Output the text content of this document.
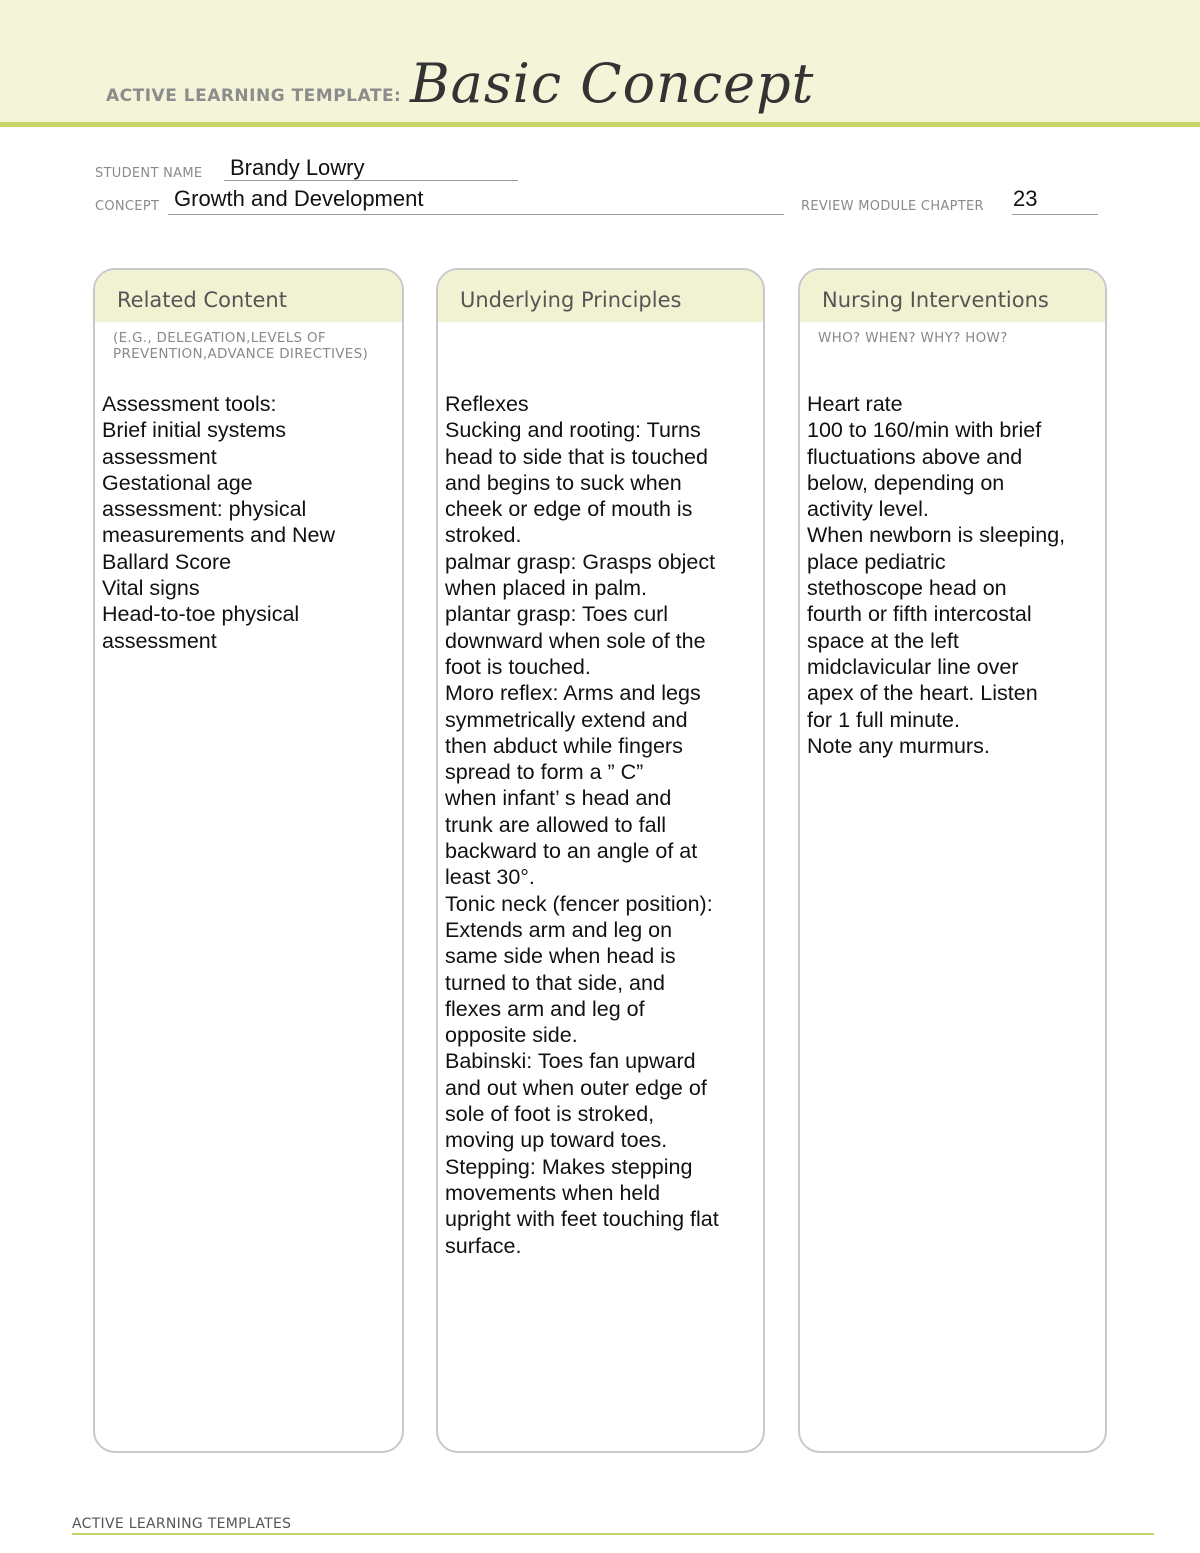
ACTIVE LEARNING TEMPLATE: Basic Concept
STUDENT NAME Brandy Lowry
CONCEPT Growth and Development	REVIEW MODULE CHAPTER 23
Related Content
(E.G., DELEGATION,LEVELS OF PREVENTION,ADVANCE DIRECTIVES)
Assessment tools:
Brief initial systems
assessment
Gestational age
assessment: physical
measurements and New
Ballard Score
Vital signs
Head-to-toe physical
assessment
Underlying Principles
Reflexes
Sucking and rooting: Turns
head to side that is touched
and begins to suck when
cheek or edge of mouth is
stroked.
palmar grasp: Grasps object
when placed in palm.
plantar grasp: Toes curl
downward when sole of the
foot is touched.
Moro reflex: Arms and legs
symmetrically extend and
then abduct while fingers
spread to form a ” C”
when infant’ s head and
trunk are allowed to fall
backward to an angle of at
least 30°.
Tonic neck (fencer position):
Extends arm and leg on
same side when head is
turned to that side, and
flexes arm and leg of
opposite side.
Babinski: Toes fan upward
and out when outer edge of
sole of foot is stroked,
moving up toward toes.
Stepping: Makes stepping
movements when held
upright with feet touching flat
surface.
Nursing Interventions
WHO? WHEN? WHY? HOW?
Heart rate
100 to 160/min with brief
fluctuations above and
below, depending on
activity level.
When newborn is sleeping,
place pediatric
stethoscope head on
fourth or fifth intercostal
space at the left
midclavicular line over
apex of the heart. Listen
for 1 full minute.
Note any murmurs.
ACTIVE LEARNING TEMPLATES
